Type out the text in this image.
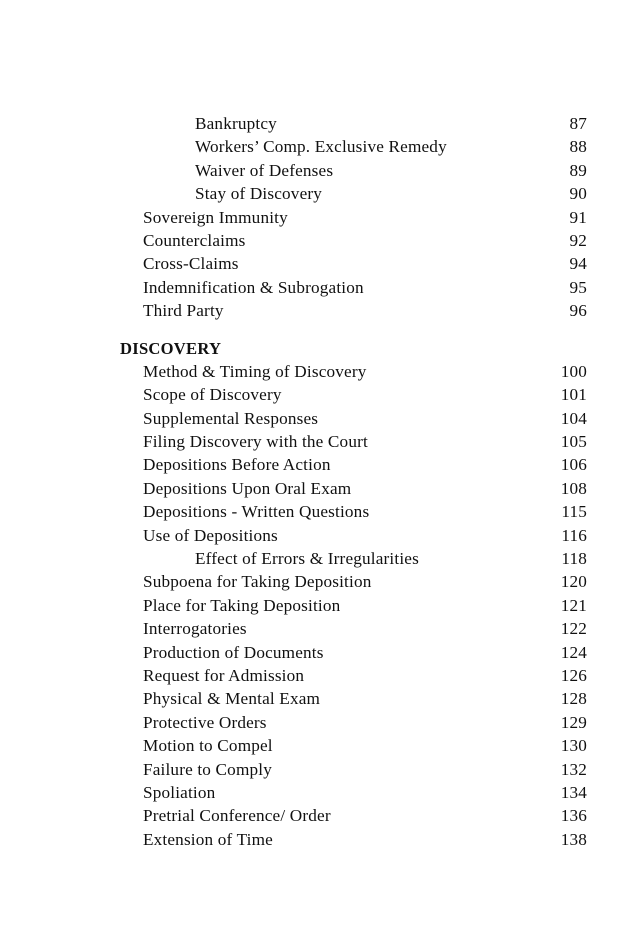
Bankruptcy	87
Workers’ Comp. Exclusive Remedy	88
Waiver of Defenses	89
Stay of Discovery	90
Sovereign Immunity	91
Counterclaims	92
Cross-Claims	94
Indemnification & Subrogation	95
Third Party	96
DISCOVERY
Method & Timing of Discovery	100
Scope of Discovery	101
Supplemental Responses	104
Filing Discovery with the Court	105
Depositions Before Action	106
Depositions Upon Oral Exam	108
Depositions - Written Questions	115
Use of Depositions	116
Effect of Errors & Irregularities	118
Subpoena for Taking Deposition	120
Place for Taking Deposition	121
Interrogatories	122
Production of Documents	124
Request for Admission	126
Physical & Mental Exam	128
Protective Orders	129
Motion to Compel	130
Failure to Comply	132
Spoliation	134
Pretrial Conference/ Order	136
Extension of Time	138
